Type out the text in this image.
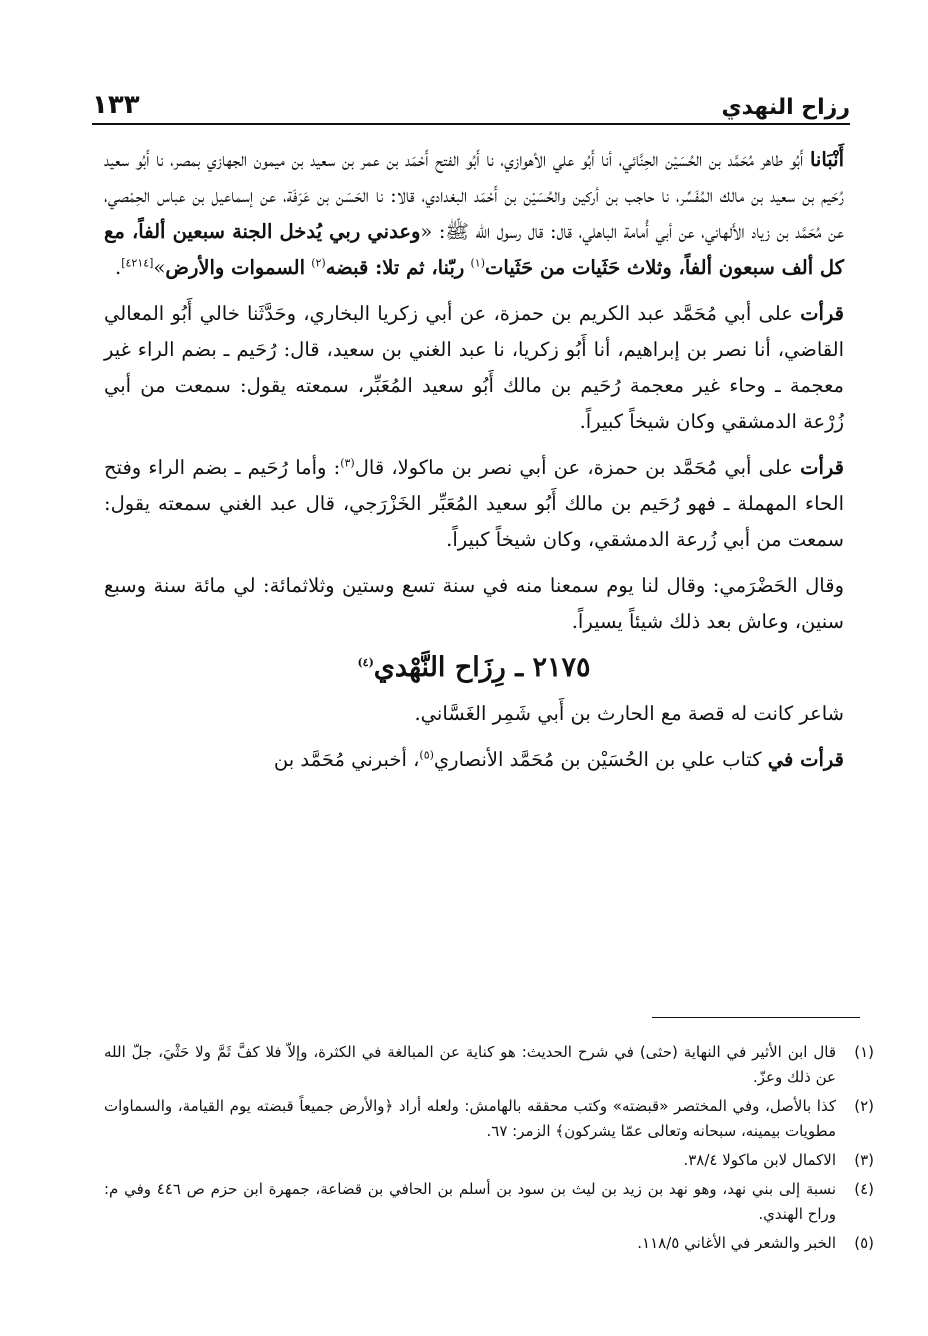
رزاح النهدي
١٣٣

أَنْبَانا أَبُو طاهر مُحَمَّد بن الحُسَيْن الحِنَّائي، أنا أَبُو علي الأهوازي، نا أَبُو الفتح أَحْمَد بن عمر بن سعيد بن ميمون الجهازي بمصر، نا أَبُو سعيد رُحَيم بن سعيد بن مالك المُفَسِّر، نا حاجب بن أركين والحُسَيْن بن أَحْمَد البغدادي، قالا: نا الحَسَن بن عَرَفَة، عن إسماعيل بن عباس الحِمْصي، عن مُحَمَّد بن زياد الأَلهاني، عن أبي أُمامة الباهلي، قال: قال رسول الله ﷺ: «وعدني ربي يُدخل الجنة سبعين ألفاً، مع كل ألف سبعون ألفاً، وثلاث حَثَيات من حَثَيات$^{(١)}$ ربّنا، ثم تلا: قبضه$^{(٢)}$ السموات والأرض»[٤٢١٤].

قرأت على أبي مُحَمَّد عبد الكريم بن حمزة، عن أبي زكريا البخاري، وحَدَّثَنا خالي أَبُو المعالي القاضي، أنا نصر بن إبراهيم، أنا أَبُو زكريا، نا عبد الغني بن سعيد، قال: رُحَيم ـ بضم الراء غير معجمة ـ وحاء غير معجمة رُحَيم بن مالك أَبُو سعيد المُعَبِّر، سمعته يقول: سمعت من أبي زُرْعة الدمشقي وكان شيخاً كبيراً.

قرأت على أبي مُحَمَّد بن حمزة، عن أبي نصر بن ماكولا، قال$^{(٣)}$: وأما رُحَيم ـ بضم الراء وفتح الحاء المهملة ـ فهو رُحَيم بن مالك أَبُو سعيد المُعَبِّر الخَزْرَجي، قال عبد الغني سمعته يقول: سمعت من أبي زُرعة الدمشقي، وكان شيخاً كبيراً.

وقال الحَضْرَمي: وقال لنا يوم سمعنا منه في سنة تسع وستين وثلاثمائة: لي مائة سنة وسبع سنين، وعاش بعد ذلك شيئاً يسيراً.

٢١٧٥ ـ رِزَاح النَّهْدي$^{(٤)}$

شاعر كانت له قصة مع الحارث بن أَبي شَمِر الغَسَّاني.

قرأت في كتاب علي بن الحُسَيْن بن مُحَمَّد الأنصاري$^{(٥)}$، أخبرني مُحَمَّد بن

(١)
قال ابن الأثير في النهاية (حثى) في شرح الحديث: هو كناية عن المبالغة في الكثرة، وإلاّ فلا كفَّ ثَمَّ ولا حَثْيَ، جلّ الله عن ذلك وعزّ.
(٢)
كذا بالأصل، وفي المختصر «قبضته» وكتب محققه بالهامش: ولعله أراد ﴿والأرض جميعاً قبضته يوم القيامة، والسماوات مطويات بيمينه، سبحانه وتعالى عمّا يشركون﴾ الزمر: ٦٧.
(٣)
الاكمال لابن ماكولا ٣٨/٤.
(٤)
نسبة إلى بني نهد، وهو نهد بن زيد بن ليث بن سود بن أسلم بن الحافي بن قضاعة، جمهرة ابن حزم ص ٤٤٦ وفي م: وراح الهندي.
(٥)
الخبر والشعر في الأغاني ١١٨/٥.
